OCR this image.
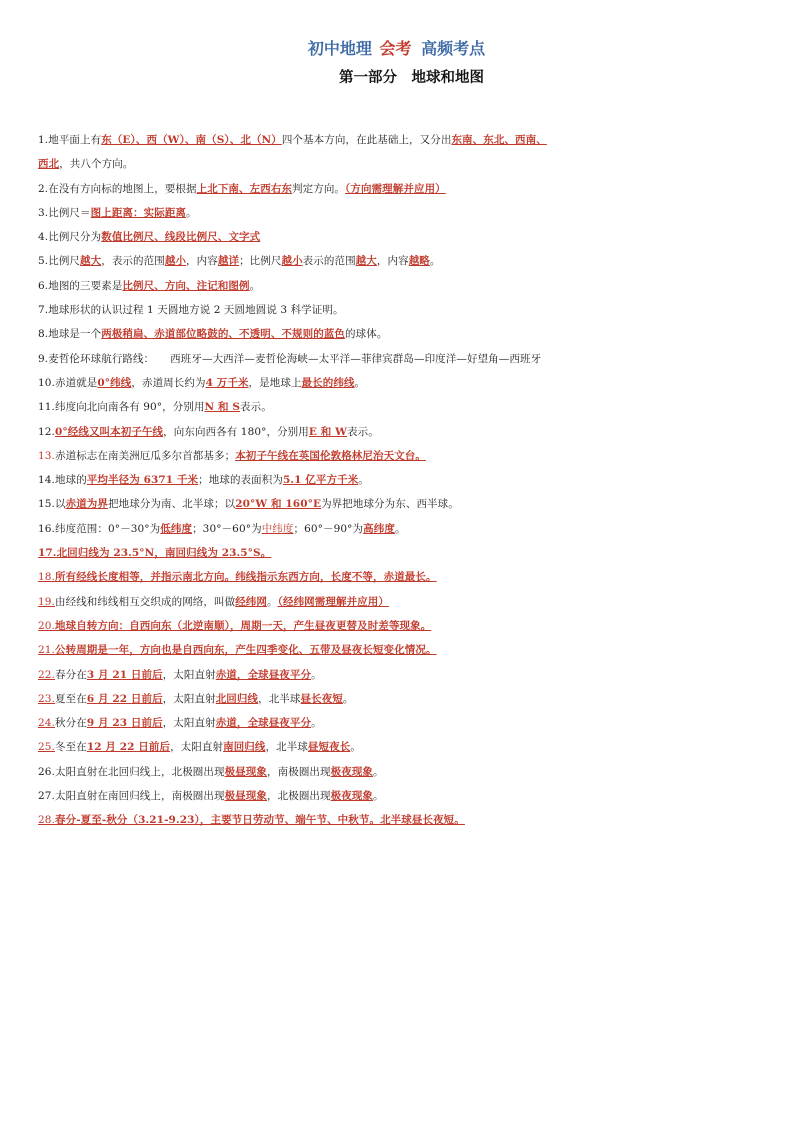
初中地理 会考 高频考点
第一部分　地球和地图
1.地平面上有东（E）、西（W）、南（S）、北（N）四个基本方向，在此基础上，又分出东南、东北、西南、
西北，共八个方向。
2.在没有方向标的地图上，要根据上北下南、左西右东判定方向。（方向需理解并应用）
3.比例尺＝图上距离：实际距离。
4.比例尺分为数值比例尺、线段比例尺、文字式
5.比例尺越大，表示的范围越小，内容越详；比例尺越小表示的范围越大，内容越略。
6.地图的三要素是比例尺、方向、注记和图例。
7.地球形状的认识过程 1 天圆地方说 2 天圆地圆说 3 科学证明。
8.地球是一个两极稍扁、赤道部位略鼓的、不透明、不规则的蓝色的球体。
9.麦哲伦环球航行路线：　　西班牙—大西洋—麦哲伦海峡—太平洋—菲律宾群岛—印度洋—好望角—西班牙
10.赤道就是0°纬线，赤道周长约为4 万千米，是地球上最长的纬线。
11.纬度向北向南各有 90°，分别用N 和 S表示。
12.0°经线又叫本初子午线，向东向西各有 180°，分别用E 和 W表示。
13.赤道标志在南美洲厄瓜多尔首都基多；本初子午线在英国伦敦格林尼治天文台。
14.地球的平均半径为 6371 千米；地球的表面积为5.1 亿平方千米。
15.以赤道为界把地球分为南、北半球；以20°W 和 160°E为界把地球分为东、西半球。
16.纬度范围：0°－30°为低纬度；30°－60°为中纬度；60°－90°为高纬度。
17.北回归线为 23.5°N，南回归线为 23.5°S。
18.所有经线长度相等，并指示南北方向。纬线指示东西方向，长度不等，赤道最长。
19.由经线和纬线相互交织成的网络，叫做经纬网。（经纬网需理解并应用）
20.地球自转方向：自西向东（北逆南顺），周期一天，产生昼夜更替及时差等现象。
21.公转周期是一年，方向也是自西向东，产生四季变化、五带及昼夜长短变化情况。
22.春分在3 月 21 日前后，太阳直射赤道，全球昼夜平分。
23.夏至在6 月 22 日前后，太阳直射北回归线，北半球昼长夜短。
24.秋分在9 月 23 日前后，太阳直射赤道，全球昼夜平分。
25.冬至在12 月 22 日前后，太阳直射南回归线，北半球昼短夜长。
26.太阳直射在北回归线上，北极圈出现极昼现象，南极圈出现极夜现象。
27.太阳直射在南回归线上，南极圈出现极昼现象，北极圈出现极夜现象。
28.春分-夏至-秋分（3.21-9.23），主要节日劳动节、端午节、中秋节。北半球昼长夜短。
